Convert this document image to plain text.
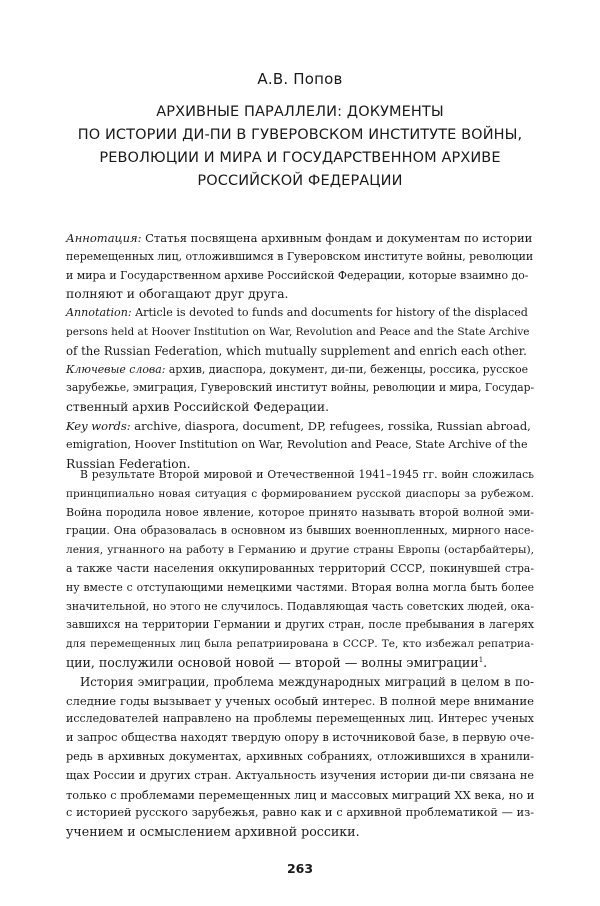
А.В. Попов
АРХИВНЫЕ ПАРАЛЛЕЛИ: ДОКУМЕНТЫ
ПО ИСТОРИИ ДИ-ПИ В ГУВЕРОВСКОМ ИНСТИТУТЕ ВОЙНЫ,
РЕВОЛЮЦИИ И МИРА И ГОСУДАРСТВЕННОМ АРХИВЕ
РОССИЙСКОЙ ФЕДЕРАЦИИ

Аннотация: Статья посвящена архивным фондам и документам по истории
перемещенных лиц, отложившимся в Гуверовском институте войны, революции
и мира и Государственном архиве Российской Федерации, которые взаимно до-
полняют и обогащают друг друга.

Annotation: Article is devoted to funds and documents for history of the displaced
persons held at Hoover Institution on War, Revolution and Peace and the State Archive
of the Russian Federation, which mutually supplement and enrich each other.

Ключевые слова: архив, диаспора, документ, ди-пи, беженцы, россика, русское
зарубежье, эмиграция, Гуверовский институт войны, революции и мира, Государ-
ственный архив Российской Федерации.

Key words: archive, diaspora, document, DP, refugees, rossika, Russian abroad,
emigration, Hoover Institution on War, Revolution and Peace, State Archive of the
Russian Federation.

В результате Второй мировой и Отечественной 1941–1945 гг. войн сложилась
принципиально новая ситуация с формированием русской диаспоры за рубежом.
Война породила новое явление, которое принято называть второй волной эми-
грации. Она образовалась в основном из бывших военнопленных, мирного насе-
ления, угнанного на работу в Германию и другие страны Европы (остарбайтеры),
а также части населения оккупированных территорий СССР, покинувшей стра-
ну вместе с отступающими немецкими частями. Вторая волна могла быть более
значительной, но этого не случилось. Подавляющая часть советских людей, ока-
завшихся на территории Германии и других стран, после пребывания в лагерях
для перемещенных лиц была репатриирована в СССР. Те, кто избежал репатриа-
ции, послужили основой новой — второй — волны эмиграции$^1$.
История эмиграции, проблема международных миграций в целом в по-
следние годы вызывает у ученых особый интерес. В полной мере внимание
исследователей направлено на проблемы перемещенных лиц. Интерес ученых
и запрос общества находят твердую опору в источниковой базе, в первую оче-
редь в архивных документах, архивных собраниях, отложившихся в хранили-
щах России и других стран. Актуальность изучения истории ди-пи связана не
только с проблемами перемещенных лиц и массовых миграций XX века, но и
с историей русского зарубежья, равно как и с архивной проблематикой — из-
учением и осмыслением архивной россики.
263
